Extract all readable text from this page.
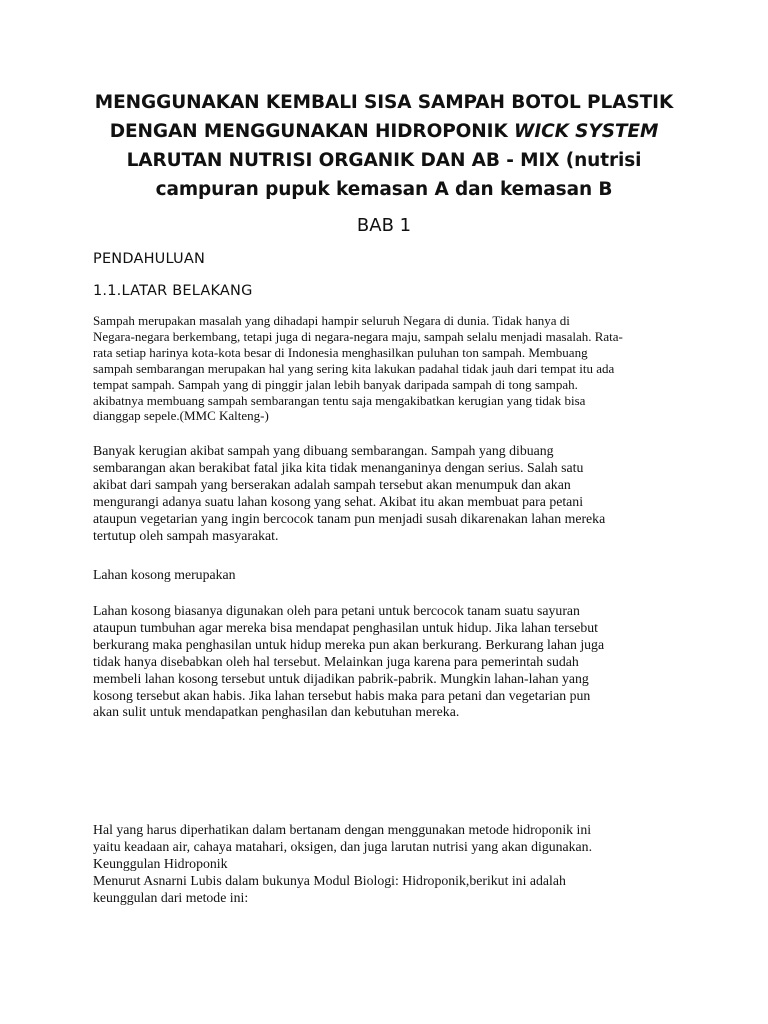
MENGGUNAKAN KEMBALI SISA SAMPAH BOTOL PLASTIK
DENGAN MENGGUNAKAN HIDROPONIK WICK SYSTEM
LARUTAN NUTRISI ORGANIK DAN AB - MIX (nutrisi
campuran pupuk kemasan A dan kemasan B
BAB 1
PENDAHULUAN
1.1.LATAR BELAKANG

Sampah merupakan masalah yang dihadapi hampir seluruh Negara di dunia. Tidak hanya di
Negara-negara berkembang, tetapi juga di negara-negara maju, sampah selalu menjadi masalah. Rata-
rata setiap harinya kota-kota besar di Indonesia menghasilkan puluhan ton sampah. Membuang
sampah sembarangan merupakan hal yang sering kita lakukan padahal tidak jauh dari tempat itu ada
tempat sampah. Sampah yang di pinggir jalan lebih banyak daripada sampah di tong sampah.
akibatnya membuang sampah sembarangan tentu saja mengakibatkan kerugian yang tidak bisa
dianggap sepele.(MMC Kalteng-)

Banyak kerugian akibat sampah yang dibuang sembarangan. Sampah yang dibuang
sembarangan akan berakibat fatal jika kita tidak menanganinya dengan serius. Salah satu
akibat dari sampah yang berserakan adalah sampah tersebut akan menumpuk dan akan
mengurangi adanya suatu lahan kosong yang sehat. Akibat itu akan membuat para petani
ataupun vegetarian yang ingin bercocok tanam pun menjadi susah dikarenakan lahan mereka
tertutup oleh sampah masyarakat.

Lahan kosong merupakan

Lahan kosong biasanya digunakan oleh para petani untuk bercocok tanam suatu sayuran
ataupun tumbuhan agar mereka bisa mendapat penghasilan untuk hidup. Jika lahan tersebut
berkurang maka penghasilan untuk hidup mereka pun akan berkurang. Berkurang lahan juga
tidak hanya disebabkan oleh hal tersebut. Melainkan juga karena para pemerintah sudah
membeli lahan kosong tersebut untuk dijadikan pabrik-pabrik. Mungkin lahan-lahan yang
kosong tersebut akan habis. Jika lahan tersebut habis maka para petani dan vegetarian pun
akan sulit untuk mendapatkan penghasilan dan kebutuhan mereka.

Hal yang harus diperhatikan dalam bertanam dengan menggunakan metode hidroponik ini
yaitu keadaan air, cahaya matahari, oksigen, dan juga larutan nutrisi yang akan digunakan.
Keunggulan Hidroponik
Menurut Asnarni Lubis dalam bukunya Modul Biologi: Hidroponik,berikut ini adalah
keunggulan dari metode ini:
